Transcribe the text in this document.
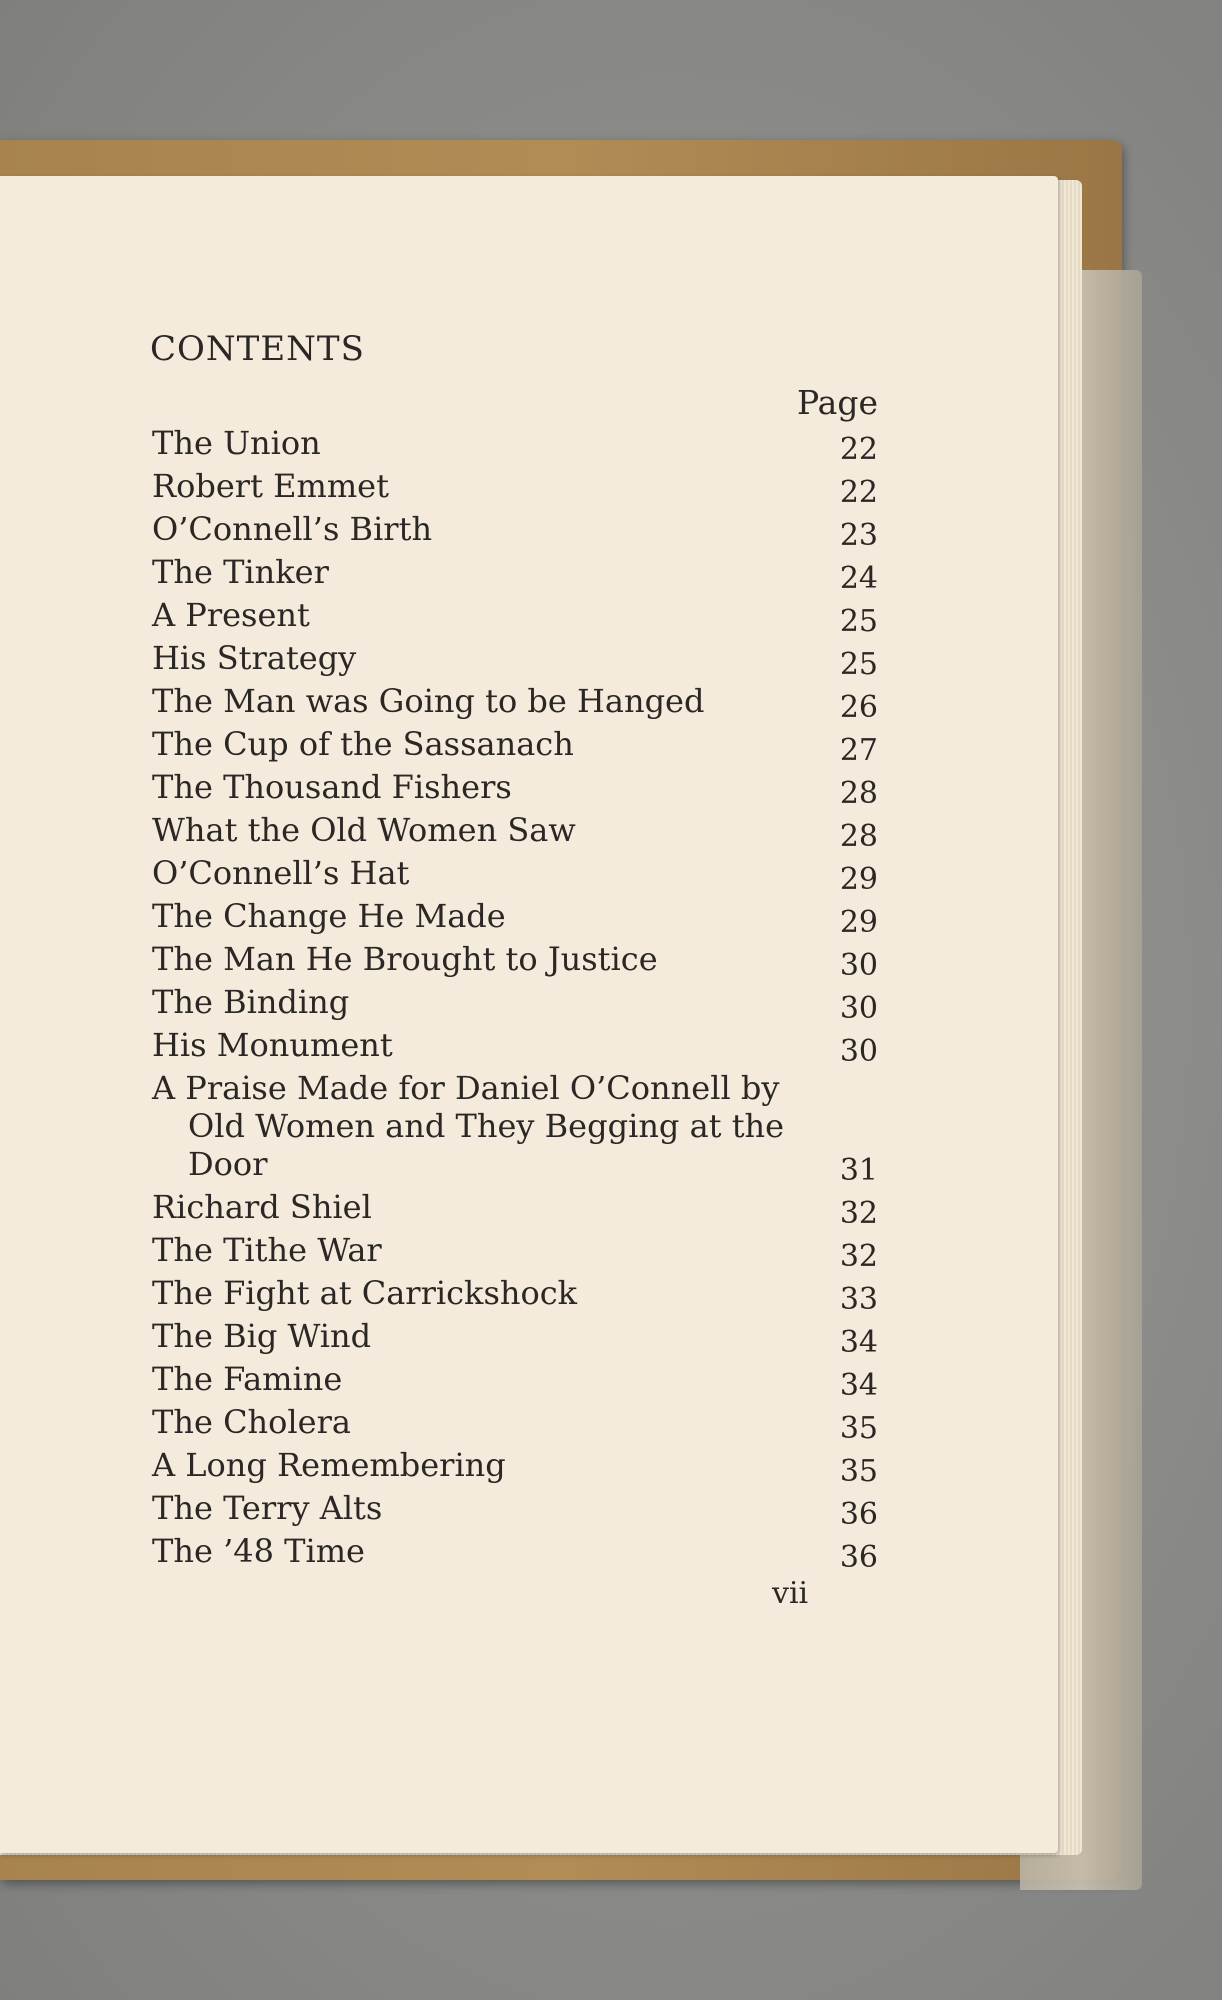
CONTENTS
Page
The Union	22
Robert Emmet	22
O’Connell’s Birth	23
The Tinker	24
A Present	25
His Strategy	25
The Man was Going to be Hanged	26
The Cup of the Sassanach	27
The Thousand Fishers	28
What the Old Women Saw	28
O’Connell’s Hat	29
The Change He Made	29
The Man He Brought to Justice	30
The Binding	30
His Monument	30
A Praise Made for Daniel O’Connell by
Old Women and They Begging at the
Door	31
Richard Shiel	32
The Tithe War	32
The Fight at Carrickshock	33
The Big Wind	34
The Famine	34
The Cholera	35
A Long Remembering	35
The Terry Alts	36
The ’48 Time	36
vii
